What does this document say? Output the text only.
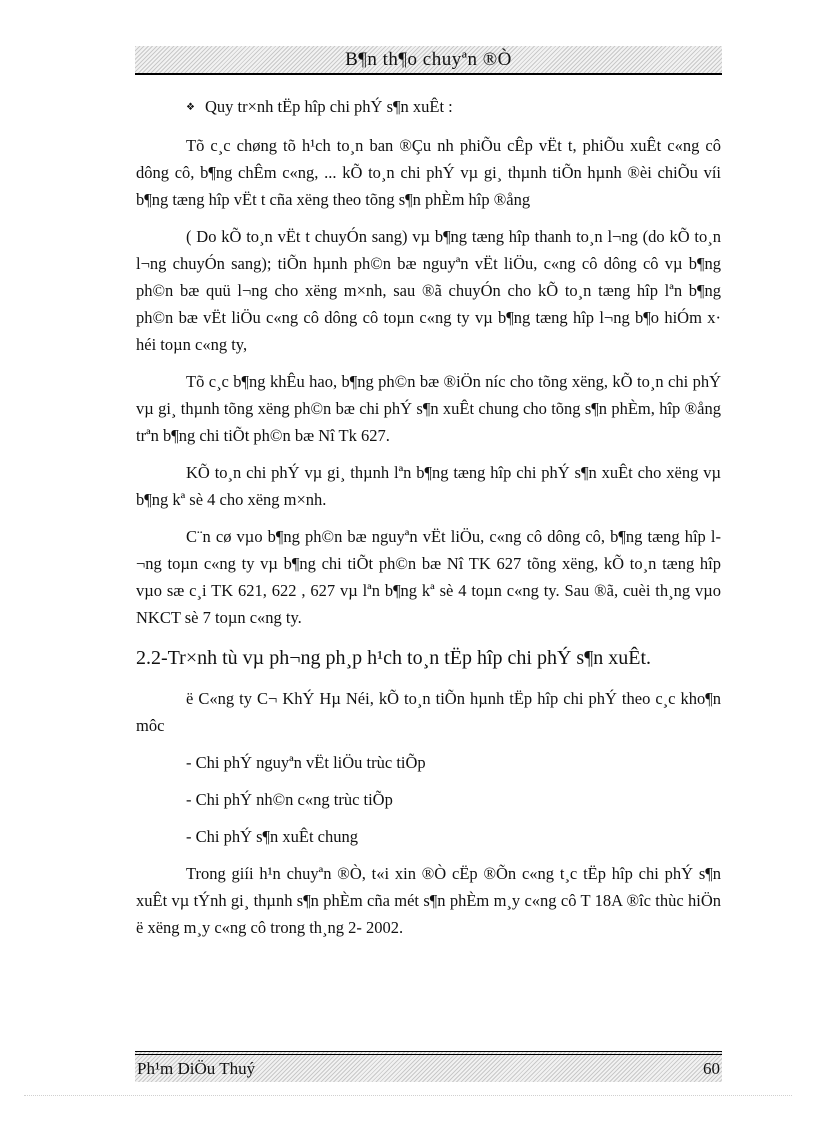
B¶n th¶o chuyªn ®Ò
❖ Quy tr×nh tËp hîp chi phÝ s¶n xuÊt :

Tõ c¸c chøng tõ h¹ch to¸n ban ®Çu nh phiÕu cÊp vËt t, phiÕu xuÊt c«ng cô dông cô, b¶ng chÊm c«ng, ... kÕ to¸n chi phÝ vµ gi¸ thµnh tiÕn hµnh ®èi chiÕu víi b¶ng tæng hîp vËt t cña xëng theo tõng s¶n phÈm hîp ®ång

( Do kÕ to¸n vËt t chuyÓn sang) vµ b¶ng tæng hîp thanh to¸n l¬ng (do kÕ to¸n l¬ng chuyÓn sang); tiÕn hµnh ph©n bæ nguyªn vËt liÖu, c«ng cô dông cô vµ b¶ng ph©n bæ quü l¬ng cho xëng m×nh, sau ®ã chuyÓn cho kÕ to¸n tæng hîp lªn b¶ng ph©n bæ vËt liÖu c«ng cô dông cô toµn c«ng ty vµ b¶ng tæng hîp l¬ng b¶o hiÓm x· héi toµn c«ng ty,

Tõ c¸c b¶ng khÊu hao, b¶ng ph©n bæ ®iÖn níc cho tõng xëng, kÕ to¸n chi phÝ vµ gi¸ thµnh tõng xëng ph©n bæ chi phÝ s¶n xuÊt chung cho tõng s¶n phÈm, hîp ®ång trªn b¶ng chi tiÕt ph©n bæ Nî Tk 627.

KÕ to¸n chi phÝ vµ gi¸ thµnh lªn b¶ng tæng hîp chi phÝ s¶n xuÊt cho xëng vµ b¶ng kª sè 4 cho xëng m×nh.

C¨n cø vµo b¶ng ph©n bæ nguyªn vËt liÖu, c«ng cô dông cô, b¶ng tæng hîp l¬ng toµn c«ng ty vµ b¶ng chi tiÕt ph©n bæ Nî TK 627 tõng xëng, kÕ to¸n tæng hîp vµo sæ c¸i TK 621, 622 , 627 vµ lªn b¶ng kª sè 4 toµn c«ng ty. Sau ®ã, cuèi th¸ng vµo NKCT sè 7 toµn c«ng ty.

2.2-Tr×nh tù vµ ph¬ng ph¸p h¹ch to¸n tËp hîp chi phÝ s¶n xuÊt.

ë C«ng ty C¬ KhÝ Hµ Néi, kÕ to¸n tiÕn hµnh tËp hîp chi phÝ theo c¸c kho¶n môc

- Chi phÝ nguyªn vËt liÖu trùc tiÕp
- Chi phÝ nh©n c«ng trùc tiÕp
- Chi phÝ s¶n xuÊt chung

Trong giíi h¹n chuyªn ®Ò, t«i xin ®Ò cËp ®Õn c«ng t¸c tËp hîp chi phÝ s¶n xuÊt vµ tÝnh gi¸ thµnh s¶n phÈm cña mét s¶n phÈm m¸y c«ng cô T 18A ®îc thùc hiÖn ë xëng m¸y c«ng cô trong th¸ng 2- 2002.

Ph¹m DiÖu Thuý	60
